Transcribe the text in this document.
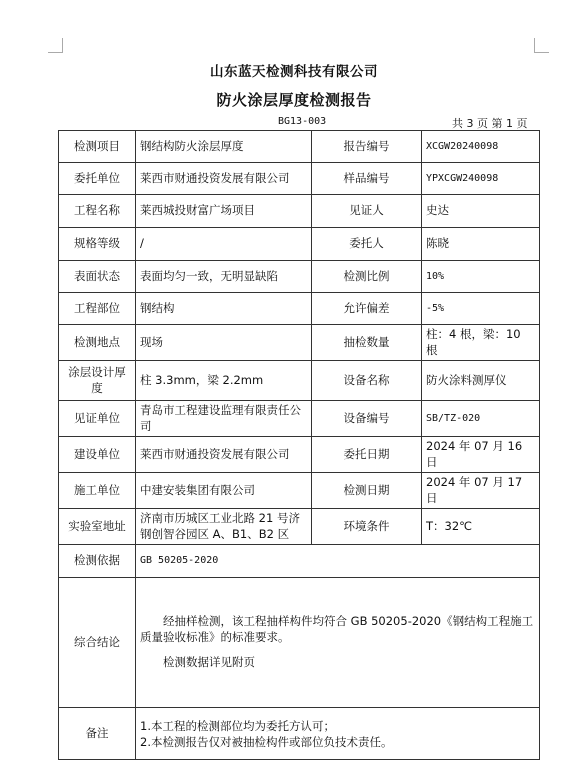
山东蓝天检测科技有限公司
防火涂层厚度检测报告
BG13-003	共 3 页 第 1 页
检测项目	钢结构防火涂层厚度	报告编号	XCGW20240098
委托单位	莱西市财通投资发展有限公司	样品编号	YPXCGW240098
工程名称	莱西城投财富广场项目	见证人	史达
规格等级	/	委托人	陈晓
表面状态	表面均匀一致，无明显缺陷	检测比例	10%
工程部位	钢结构	允许偏差	-5%
检测地点	现场	抽检数量	柱：4 根，梁：10 根
涂层设计厚度	柱 3.3mm，梁 2.2mm	设备名称	防火涂料测厚仪
见证单位	青岛市工程建设监理有限责任公司	设备编号	SB/TZ-020
建设单位	莱西市财通投资发展有限公司	委托日期	2024 年 07 月 16 日
施工单位	中建安装集团有限公司	检测日期	2024 年 07 月 17 日
实验室地址	济南市历城区工业北路 21 号济钢创智谷园区 A、B1、B2 区	环境条件	T：32℃
检测依据	GB 50205-2020		
综合结论	经抽样检测，该工程抽样构件均符合 GB 50205-2020《钢结构工程施工质量验收标准》的标准要求。

检测数据详见附页		

备注	1.本工程的检测部位均为委托方认可；
2.本检测报告仅对被抽检构件或部位负技术责任。		
